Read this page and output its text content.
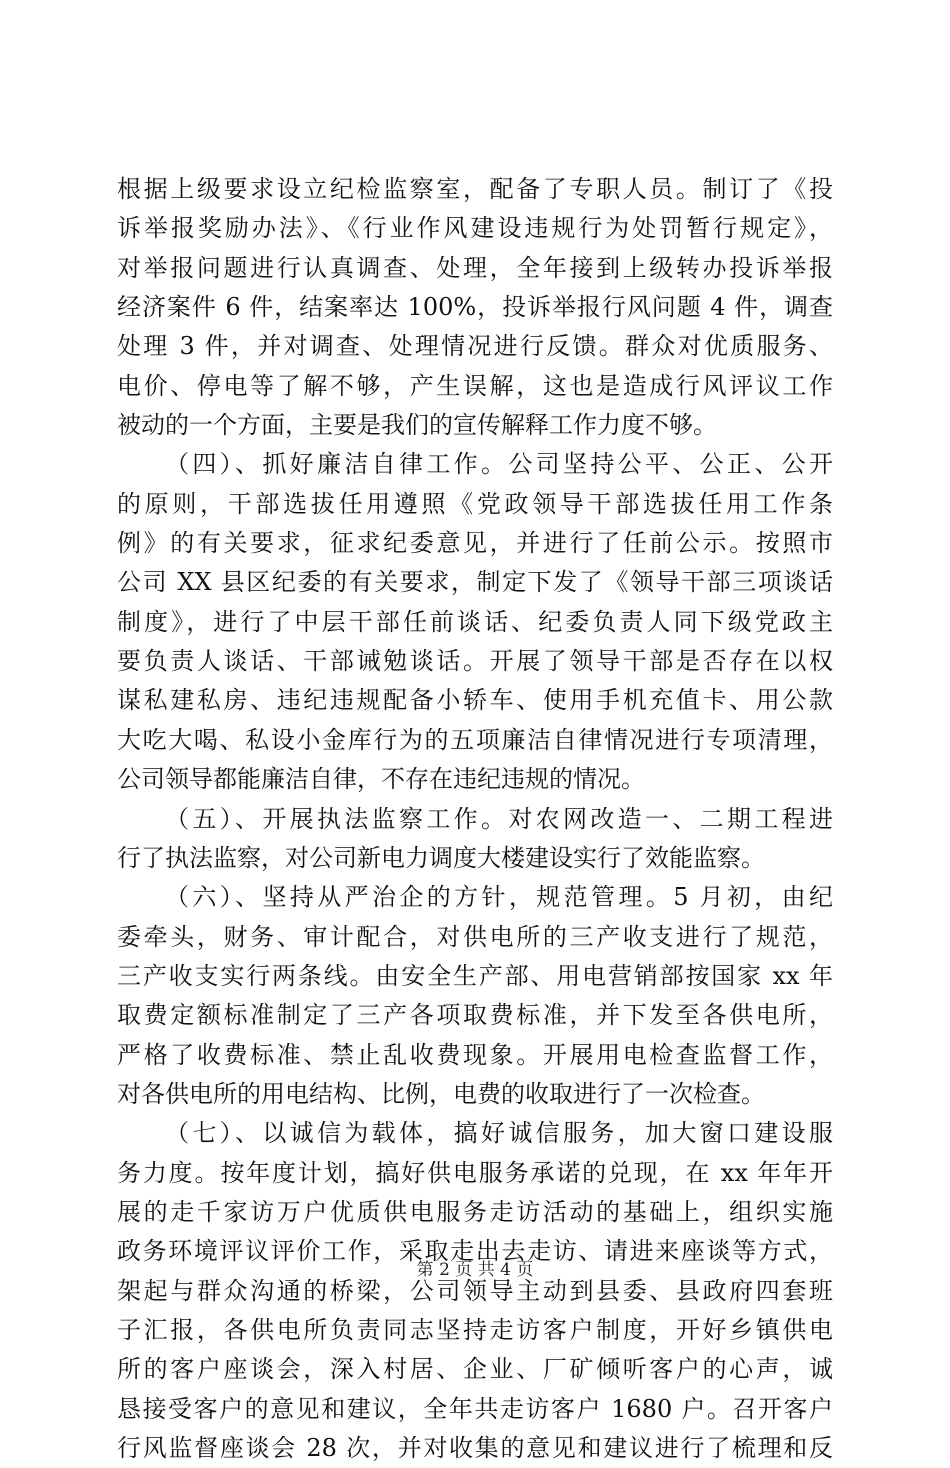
根据上级要求设立纪检监察室，配备了专职人员。制订了《投
诉举报奖励办法》、《行业作风建设违规行为处罚暂行规定》，
对举报问题进行认真调查、处理，全年接到上级转办投诉举报
经济案件 6 件，结案率达 100%，投诉举报行风问题 4 件，调查
处理 3 件，并对调查、处理情况进行反馈。群众对优质服务、
电价、停电等了解不够，产生误解，这也是造成行风评议工作
被动的一个方面，主要是我们的宣传解释工作力度不够。
（四）、抓好廉洁自律工作。公司坚持公平、公正、公开
的原则，干部选拔任用遵照《党政领导干部选拔任用工作条
例》的有关要求，征求纪委意见，并进行了任前公示。按照市
公司 XX 县区纪委的有关要求，制定下发了《领导干部三项谈话
制度》，进行了中层干部任前谈话、纪委负责人同下级党政主
要负责人谈话、干部诫勉谈话。开展了领导干部是否存在以权
谋私建私房、违纪违规配备小轿车、使用手机充值卡、用公款
大吃大喝、私设小金库行为的五项廉洁自律情况进行专项清理，
公司领导都能廉洁自律，不存在违纪违规的情况。
（五）、开展执法监察工作。对农网改造一、二期工程进
行了执法监察，对公司新电力调度大楼建设实行了效能监察。
（六）、坚持从严治企的方针，规范管理。5 月初，由纪
委牵头，财务、审计配合，对供电所的三产收支进行了规范，
三产收支实行两条线。由安全生产部、用电营销部按国家 xx 年
取费定额标准制定了三产各项取费标准，并下发至各供电所，
严格了收费标准、禁止乱收费现象。开展用电检查监督工作，
对各供电所的用电结构、比例，电费的收取进行了一次检查。
（七）、以诚信为载体，搞好诚信服务，加大窗口建设服
务力度。按年度计划，搞好供电服务承诺的兑现，在 xx 年年开
展的走千家访万户优质供电服务走访活动的基础上，组织实施
政务环境评议评价工作，采取走出去走访、请进来座谈等方式，
架起与群众沟通的桥梁，公司领导主动到县委、县政府四套班
子汇报，各供电所负责同志坚持走访客户制度，开好乡镇供电
所的客户座谈会，深入村居、企业、厂矿倾听客户的心声，诚
恳接受客户的意见和建议，全年共走访客户 1680 户。召开客户
行风监督座谈会 28 次，并对收集的意见和建议进行了梳理和反
第 2 页 共 4 页
